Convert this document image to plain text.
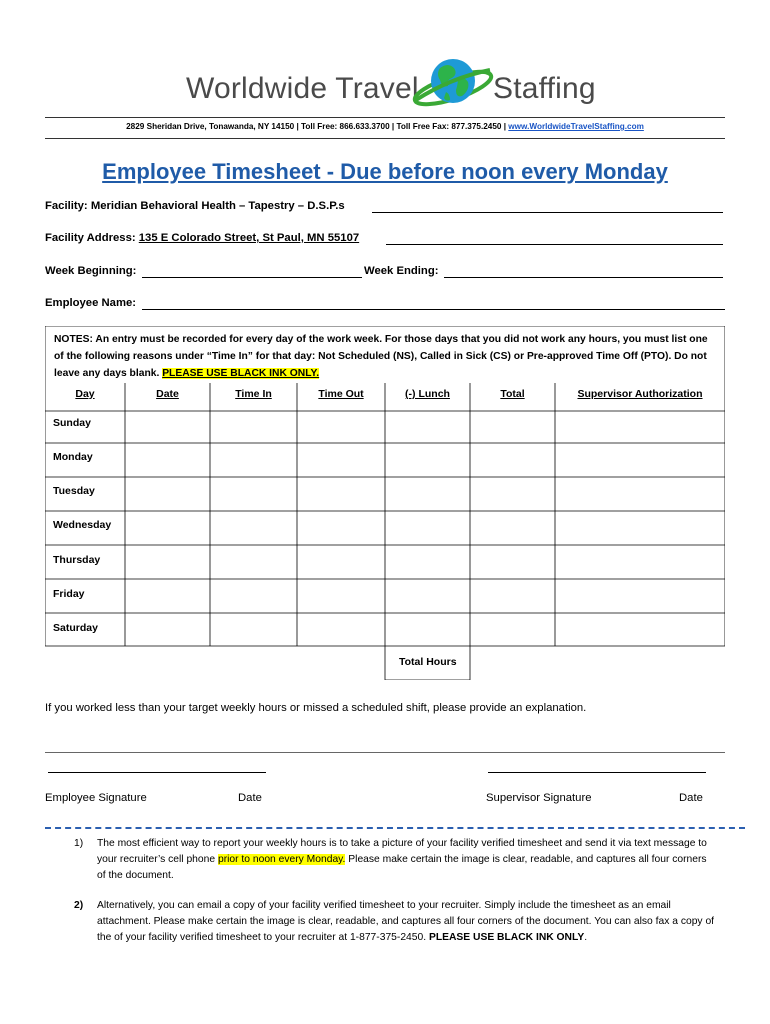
Worldwide Travel Staffing
2829 Sheridan Drive, Tonawanda, NY 14150 | Toll Free: 866.633.3700 | Toll Free Fax: 877.375.2450 | www.WorldwideTravelStaffing.com
Employee Timesheet - Due before noon every Monday
Facility: Meridian Behavioral Health – Tapestry – D.S.P.s
Facility Address: 135 E Colorado Street, St Paul, MN 55107
Week Beginning:	Week Ending:
Employee Name:
NOTES: An entry must be recorded for every day of the work week. For those days that you did not work any hours, you must list one of the following reasons under “Time In” for that day: Not Scheduled (NS), Called in Sick (CS) or Pre-approved Time Off (PTO). Do not leave any days blank. PLEASE USE BLACK INK ONLY.
Day	Date	Time In	Time Out	(-) Lunch	Total	Supervisor Authorization
Sunday
Monday
Tuesday
Wednesday
Thursday
Friday
Saturday
Total Hours
If you worked less than your target weekly hours or missed a scheduled shift, please provide an explanation.
Employee Signature	Date	Supervisor Signature	Date
1) The most efficient way to report your weekly hours is to take a picture of your facility verified timesheet and send it via text message to your recruiter’s cell phone prior to noon every Monday. Please make certain the image is clear, readable, and captures all four corners of the document.
2) Alternatively, you can email a copy of your facility verified timesheet to your recruiter. Simply include the timesheet as an email attachment. Please make certain the image is clear, readable, and captures all four corners of the document. You can also fax a copy of the of your facility verified timesheet to your recruiter at 1-877-375-2450. PLEASE USE BLACK INK ONLY.
